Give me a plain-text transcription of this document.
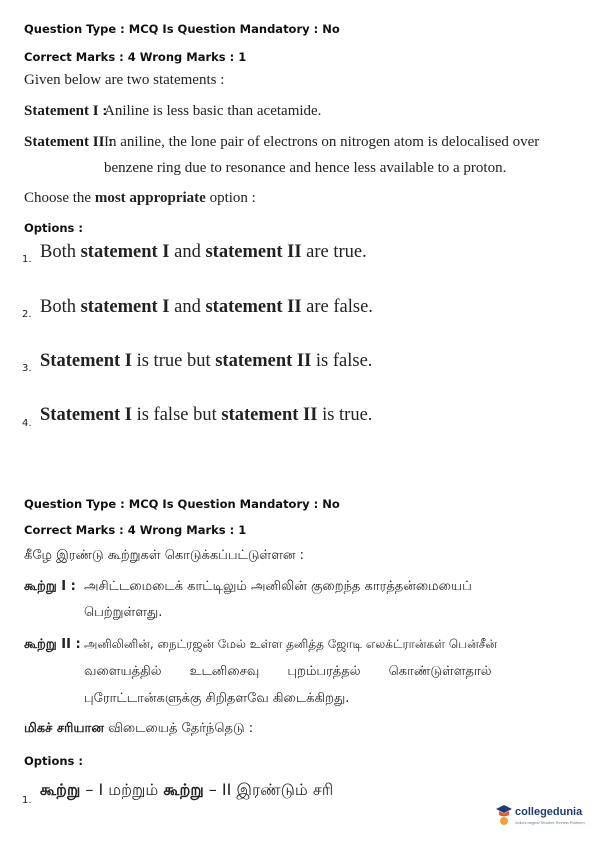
Question Type : MCQ Is Question Mandatory : No
Correct Marks : 4 Wrong Marks : 1
Given below are two statements :
Statement I :
Aniline is less basic than acetamide.
Statement II :
In aniline, the lone pair of electrons on nitrogen atom is delocalised over
benzene ring due to resonance and hence less available to a proton.
Choose the most appropriate option :
Options :
1. Both statement I and statement II are true.
2. Both statement I and statement II are false.
3. Statement I is true but statement II is false.
4. Statement I is false but statement II is true.
Question Type : MCQ Is Question Mandatory : No
Correct Marks : 4 Wrong Marks : 1
கீழே இரண்டு கூற்றுகள் கொடுக்கப்பட்டுள்ளன :
கூற்று I : அசிட்டமைடைக் காட்டிலும் அனிலின் குறைந்த காரத்தன்மையைப்
பெற்றுள்ளது.
கூற்று II : அனிலினின், நைட்ரஜன் மேல் உள்ள தனித்த ஜோடி எலக்ட்ரான்கள் பென்சீன்
வளையத்தில் உடனிசைவு புறம்பரத்தல் கொண்டுள்ளதால்
புரோட்டான்களுக்கு சிறிதளவே கிடைக்கிறது.
மிகச் சரியான விடையைத் தேர்ந்தெடு :
Options :
1.
கூற்று – I மற்றும் கூற்று – II இரண்டும் சரி
collegedunia
India's largest Student Review Platform
